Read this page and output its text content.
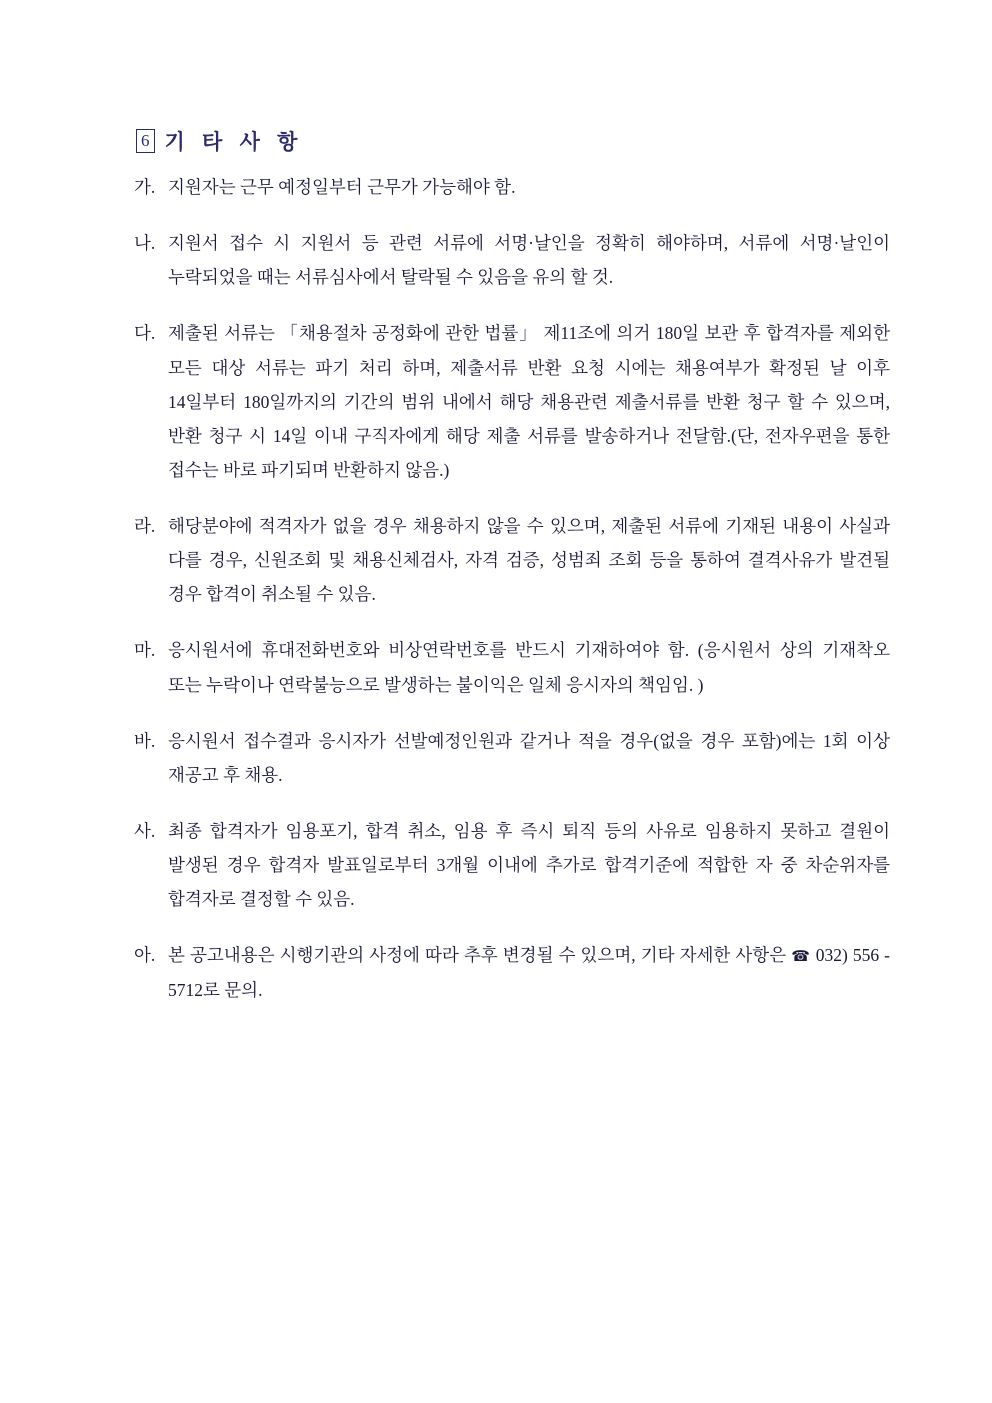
6 기 타 사 항
가. 지원자는 근무 예정일부터 근무가 가능해야 함.
나. 지원서 접수 시 지원서 등 관련 서류에 서명·날인을 정확히 해야하며, 서류에 서명·날인이 누락되었을 때는 서류심사에서 탈락될 수 있음을 유의 할 것.
다. 제출된 서류는 「채용절차 공정화에 관한 법률」 제11조에 의거 180일 보관 후 합격자를 제외한 모든 대상 서류는 파기 처리 하며, 제출서류 반환 요청 시에는 채용여부가 확정된 날 이후 14일부터 180일까지의 기간의 범위 내에서 해당 채용관련 제출서류를 반환 청구 할 수 있으며, 반환 청구 시 14일 이내 구직자에게 해당 제출 서류를 발송하거나 전달함.(단, 전자우편을 통한 접수는 바로 파기되며 반환하지 않음.)
라. 해당분야에 적격자가 없을 경우 채용하지 않을 수 있으며, 제출된 서류에 기재된 내용이 사실과 다를 경우, 신원조회 및 채용신체검사, 자격 검증, 성범죄 조회 등을 통하여 결격사유가 발견될 경우 합격이 취소될 수 있음.
마. 응시원서에 휴대전화번호와 비상연락번호를 반드시 기재하여야 함. (응시원서 상의 기재착오 또는 누락이나 연락불능으로 발생하는 불이익은 일체 응시자의 책임임. )
바. 응시원서 접수결과 응시자가 선발예정인원과 같거나 적을 경우(없을 경우 포함)에는 1회 이상 재공고 후 채용.
사. 최종 합격자가 임용포기, 합격 취소, 임용 후 즉시 퇴직 등의 사유로 임용하지 못하고 결원이 발생된 경우 합격자 발표일로부터 3개월 이내에 추가로 합격기준에 적합한 자 중 차순위자를 합격자로 결정할 수 있음.
아. 본 공고내용은 시행기관의 사정에 따라 추후 변경될 수 있으며, 기타 자세한 사항은 ☎ 032) 556 - 5712로 문의.
